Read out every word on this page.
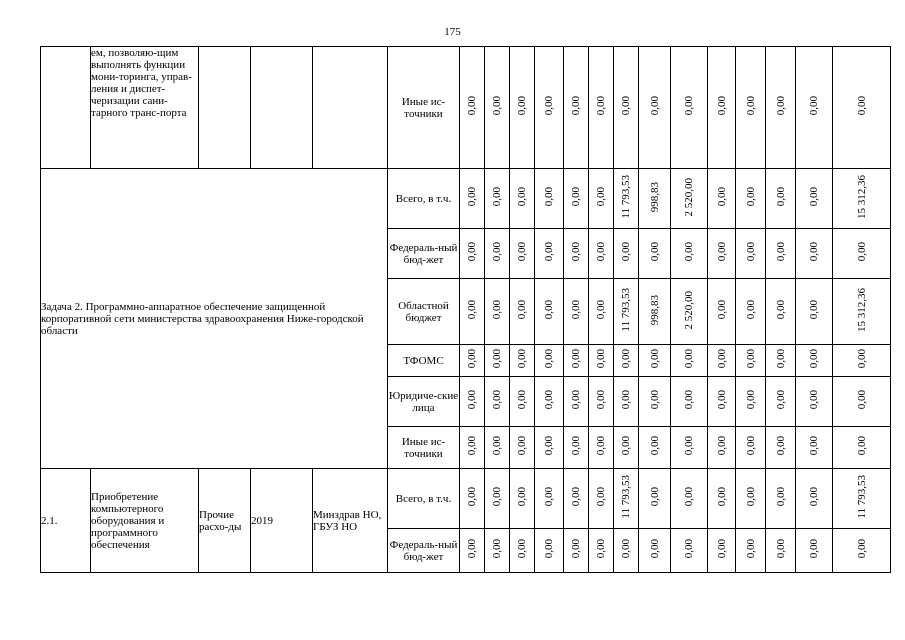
175
	ем, позволяю-щим выполнять функции мони-торинга, управ-ления и диспет-черизации сани-тарного транс-порта				Иные ис-точники	0,00	0,00	0,00	0,00	0,00	0,00	0,00	0,00	0,00	0,00	0,00	0,00	0,00	0,00
Задача 2. Программно-аппаратное обеспечение защищенной корпоративной сети министерства здравоохранения Ниже-городской области					Всего, в т.ч.	0,00	0,00	0,00	0,00	0,00	0,00	11 793,53	998,83	2 520,00	0,00	0,00	0,00	0,00	15 312,36
					Федераль-ный бюд-жет	0,00	0,00	0,00	0,00	0,00	0,00	0,00	0,00	0,00	0,00	0,00	0,00	0,00	0,00
					Областной бюджет	0,00	0,00	0,00	0,00	0,00	0,00	11 793,53	998,83	2 520,00	0,00	0,00	0,00	0,00	15 312,36
					ТФОМС	0,00	0,00	0,00	0,00	0,00	0,00	0,00	0,00	0,00	0,00	0,00	0,00	0,00	0,00
					Юридиче-ские лица	0,00	0,00	0,00	0,00	0,00	0,00	0,00	0,00	0,00	0,00	0,00	0,00	0,00	0,00
					Иные ис-точники	0,00	0,00	0,00	0,00	0,00	0,00	0,00	0,00	0,00	0,00	0,00	0,00	0,00	0,00
2.1.	Приобретение компьютерного оборудования и программного обеспечения	Прочие расхо-ды	2019	Минздрав НО, ГБУЗ НО	Всего, в т.ч.	0,00	0,00	0,00	0,00	0,00	0,00	11 793,53	0,00	0,00	0,00	0,00	0,00	0,00	11 793,53
					Федераль-ный бюд-жет	0,00	0,00	0,00	0,00	0,00	0,00	0,00	0,00	0,00	0,00	0,00	0,00	0,00	0,00
